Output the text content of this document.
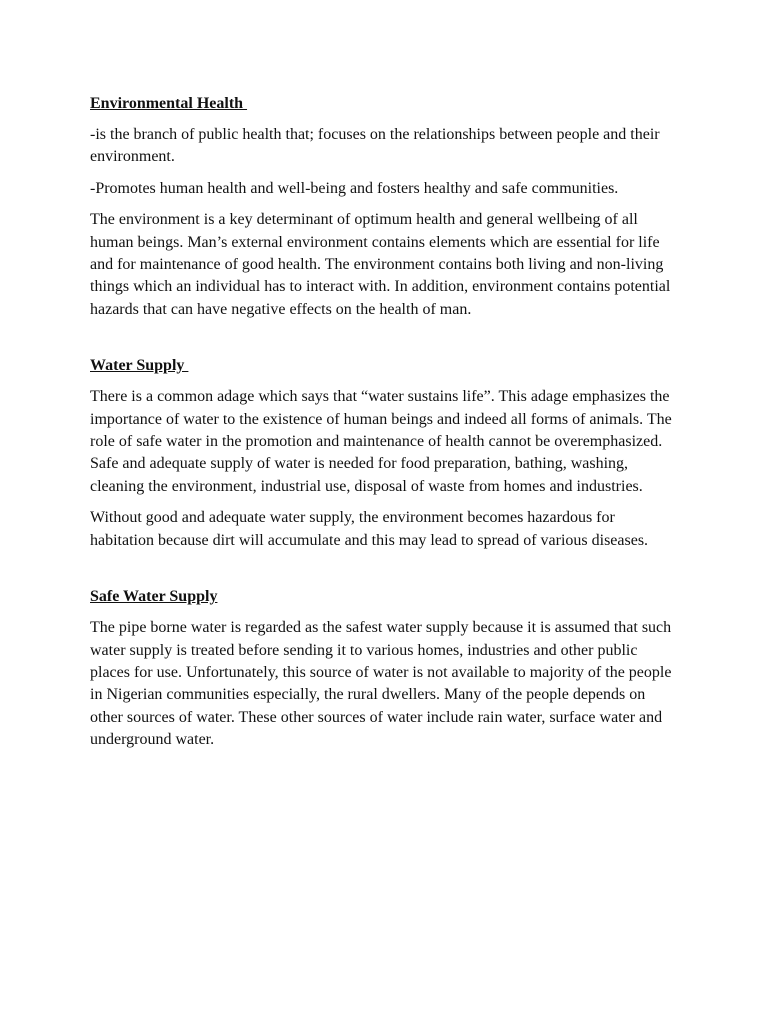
Environmental Health

-is the branch of public health that; focuses on the relationships between people and their environment.

-Promotes human health and well-being and fosters healthy and safe communities.

The environment is a key determinant of optimum health and general wellbeing of all human beings. Man’s external environment contains elements which are essential for life and for maintenance of good health. The environment contains both living and non-living things which an individual has to interact with. In addition, environment contains potential hazards that can have negative effects on the health of man.

Water Supply

There is a common adage which says that “water sustains life”. This adage emphasizes the importance of water to the existence of human beings and indeed all forms of animals. The role of safe water in the promotion and maintenance of health cannot be overemphasized. Safe and adequate supply of water is needed for food preparation, bathing, washing, cleaning the environment, industrial use, disposal of waste from homes and industries.

Without good and adequate water supply, the environment becomes hazardous for habitation because dirt will accumulate and this may lead to spread of various diseases.

Safe Water Supply

The pipe borne water is regarded as the safest water supply because it is assumed that such water supply is treated before sending it to various homes, industries and other public places for use. Unfortunately, this source of water is not available to majority of the people in Nigerian communities especially, the rural dwellers. Many of the people depends on other sources of water. These other sources of water include rain water, surface water and underground water.
